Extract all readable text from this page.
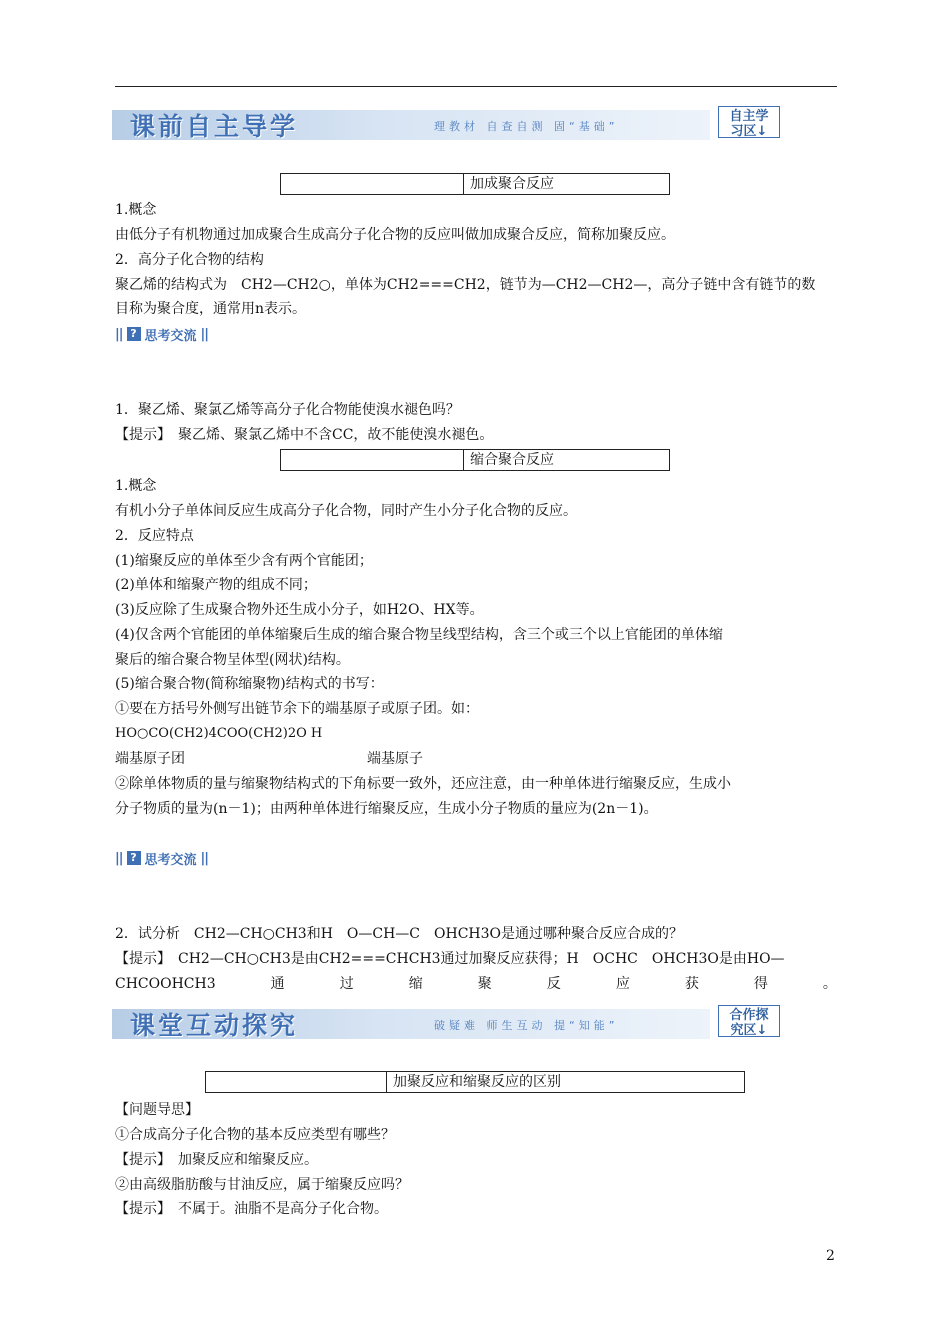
课前自主导学	理教材 自查自测 固“基础”
自主学
习区↓
加成聚合反应
1.概念
由低分子有机物通过加成聚合生成高分子化合物的反应叫做加成聚合反应，简称加聚反应。
2．高分子化合物的结构
聚乙烯的结构式为　CH2—CH2○，单体为CH2===CH2，链节为—CH2—CH2—，高分子链中含有链节的数
目称为聚合度，通常用n表示。
|| ? 思考交流 ||
1．聚乙烯、聚氯乙烯等高分子化合物能使溴水褪色吗？
【提示】　聚乙烯、聚氯乙烯中不含CC，故不能使溴水褪色。
缩合聚合反应
1.概念
有机小分子单体间反应生成高分子化合物，同时产生小分子化合物的反应。
2．反应特点
(1)缩聚反应的单体至少含有两个官能团；
(2)单体和缩聚产物的组成不同；
(3)反应除了生成聚合物外还生成小分子，如H2O、HX等。
(4)仅含两个官能团的单体缩聚后生成的缩合聚合物呈线型结构，含三个或三个以上官能团的单体缩
聚后的缩合聚合物呈体型(网状)结构。
(5)缩合聚合物(简称缩聚物)结构式的书写：
①要在方括号外侧写出链节余下的端基原子或原子团。如：
HO○CO(CH2)4COO(CH2)2O H
端基原子团	端基原子
②除单体物质的量与缩聚物结构式的下角标要一致外，还应注意，由一种单体进行缩聚反应，生成小
分子物质的量为(n－1)；由两种单体进行缩聚反应，生成小分子物质的量应为(2n－1)。
|| ? 思考交流 ||
2．试分析　CH2—CH○CH3和H　O—CH—C　OHCH3O是通过哪种聚合反应合成的？
【提示】　CH2—CH○CH3是由CH2===CHCH3通过加聚反应获得；H　OCHC　OHCH3O是由HO—
CHCOOHCH3	通	过	缩	聚	反	应	获	得	。
课堂互动探究	破疑难 师生互动 提“知能”
合作探
究区↓
加聚反应和缩聚反应的区别
【问题导思】
①合成高分子化合物的基本反应类型有哪些？
【提示】　加聚反应和缩聚反应。
②由高级脂肪酸与甘油反应，属于缩聚反应吗？
【提示】　不属于。油脂不是高分子化合物。
2
